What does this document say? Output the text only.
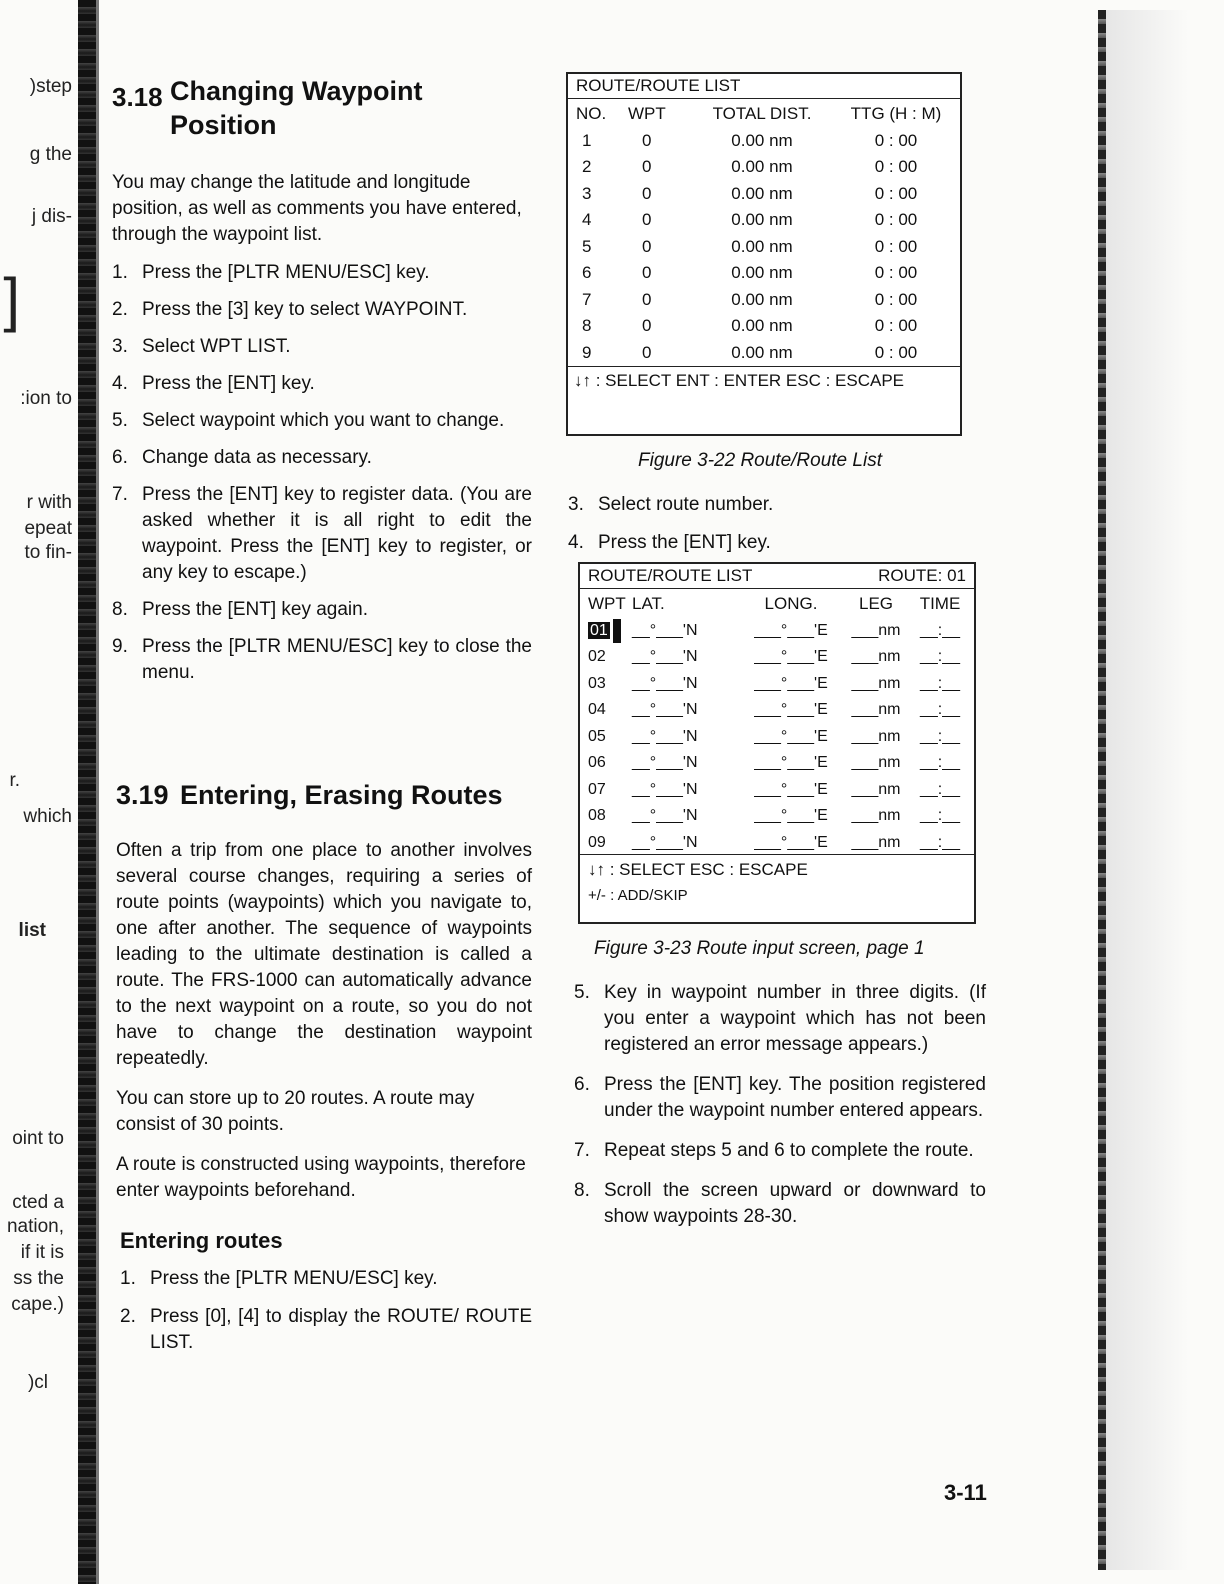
)step
g the
j dis-
]
:ion to
r with
epeat
to fin-
r.
which
list
oint to
cted a
nation,
if it is
ss the
cape.)
)cl
3.18 Changing Waypoint
Position

You may change the latitude and longitude position, as well as comments you have entered, through the waypoint list.

1. Press the [PLTR MENU/ESC] key.
2. Press the [3] key to select WAYPOINT.
3. Select WPT LIST.
4. Press the [ENT] key.
5. Select waypoint which you want to change.
6. Change data as necessary.
7. Press the [ENT] key to register data. (You are asked whether it is all right to edit the waypoint. Press the [ENT] key to register, or any key to escape.)
8. Press the [ENT] key again.
9. Press the [PLTR MENU/ESC] key to close the menu.
3.19 Entering, Erasing Routes

Often a trip from one place to another involves several course changes, requiring a series of route points (waypoints) which you navigate to, one after another. The sequence of waypoints leading to the ultimate destination is called a route. The FRS-1000 can automatically advance to the next waypoint on a route, so you do not have to change the destination waypoint repeatedly.

You can store up to 20 routes. A route may consist of 30 points.

A route is constructed using waypoints, therefore enter waypoints beforehand.

Entering routes
1. Press the [PLTR MENU/ESC] key.
2. Press [0], [4] to display the ROUTE/ ROUTE LIST.
ROUTE/ROUTE LIST
NO.	WPT	TOTAL DIST.	TTG (H : M)
1	0	0.00 nm	0 : 00
2	0	0.00 nm	0 : 00
3	0	0.00 nm	0 : 00
4	0	0.00 nm	0 : 00
5	0	0.00 nm	0 : 00
6	0	0.00 nm	0 : 00
7	0	0.00 nm	0 : 00
8	0	0.00 nm	0 : 00
9	0	0.00 nm	0 : 00
↓↑ : SELECT ENT : ENTER ESC : ESCAPE
Figure 3-22 Route/Route List
3. Select route number.
4. Press the [ENT] key.
ROUTE/ROUTE LIST	ROUTE: 01
WPT	LAT.	LONG.	LEG	TIME
01	__°___'N	___°___'E	___nm	__:__
02	__°___'N	___°___'E	___nm	__:__
03	__°___'N	___°___'E	___nm	__:__
04	__°___'N	___°___'E	___nm	__:__
05	__°___'N	___°___'E	___nm	__:__
06	__°___'N	___°___'E	___nm	__:__
07	__°___'N	___°___'E	___nm	__:__
08	__°___'N	___°___'E	___nm	__:__
09	__°___'N	___°___'E	___nm	__:__
↓↑ : SELECT ESC : ESCAPE
+/- : ADD/SKIP
Figure 3-23 Route input screen, page 1
5. Key in waypoint number in three digits. (If you enter a waypoint which has not been registered an error message appears.)
6. Press the [ENT] key. The position registered under the waypoint number entered appears.
7. Repeat steps 5 and 6 to complete the route.
8. Scroll the screen upward or downward to show waypoints 28-30.
3-11
